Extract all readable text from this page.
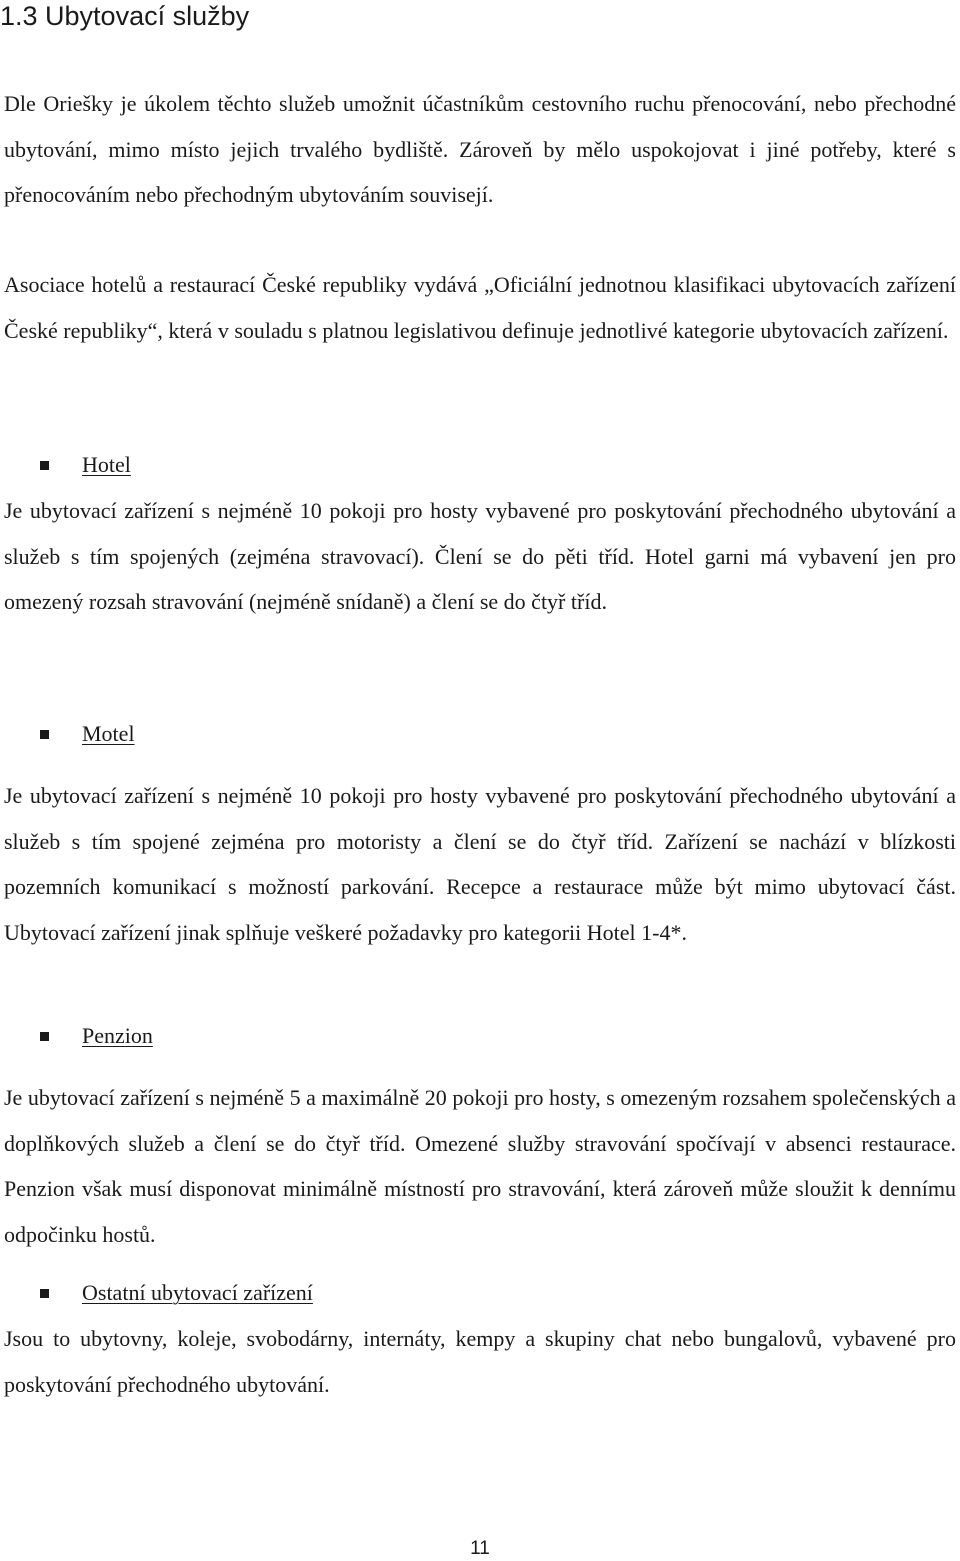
1.3 Ubytovací služby

Dle Oriešky je úkolem těchto služeb umožnit účastníkům cestovního ruchu přenocování, nebo přechodné ubytování, mimo místo jejich trvalého bydliště. Zároveň by mělo uspokojovat i jiné potřeby, které s přenocováním nebo přechodným ubytováním souvisejí.

Asociace hotelů a restaurací České republiky vydává „Oficiální jednotnou klasifikaci ubytovacích zařízení České republiky“, která v souladu s platnou legislativou definuje jednotlivé kategorie ubytovacích zařízení.

Hotel

Je ubytovací zařízení s nejméně 10 pokoji pro hosty vybavené pro poskytování přechodného ubytování a služeb s tím spojených (zejména stravovací). Člení se do pěti tříd. Hotel garni má vybavení jen pro omezený rozsah stravování (nejméně snídaně) a člení se do čtyř tříd.

Motel

Je ubytovací zařízení s nejméně 10 pokoji pro hosty vybavené pro poskytování přechodného ubytování a služeb s tím spojené zejména pro motoristy a člení se do čtyř tříd. Zařízení se nachází v blízkosti pozemních komunikací s možností parkování. Recepce a restaurace může být mimo ubytovací část. Ubytovací zařízení jinak splňuje veškeré požadavky pro kategorii Hotel 1-4*.

Penzion

Je ubytovací zařízení s nejméně 5 a maximálně 20 pokoji pro hosty, s omezeným rozsahem společenských a doplňkových služeb a člení se do čtyř tříd. Omezené služby stravování spočívají v absenci restaurace. Penzion však musí disponovat minimálně místností pro stravování, která zároveň může sloužit k dennímu odpočinku hostů.

Ostatní ubytovací zařízení

Jsou to ubytovny, koleje, svobodárny, internáty, kempy a skupiny chat nebo bungalovů, vybavené pro poskytování přechodného ubytování.

11
